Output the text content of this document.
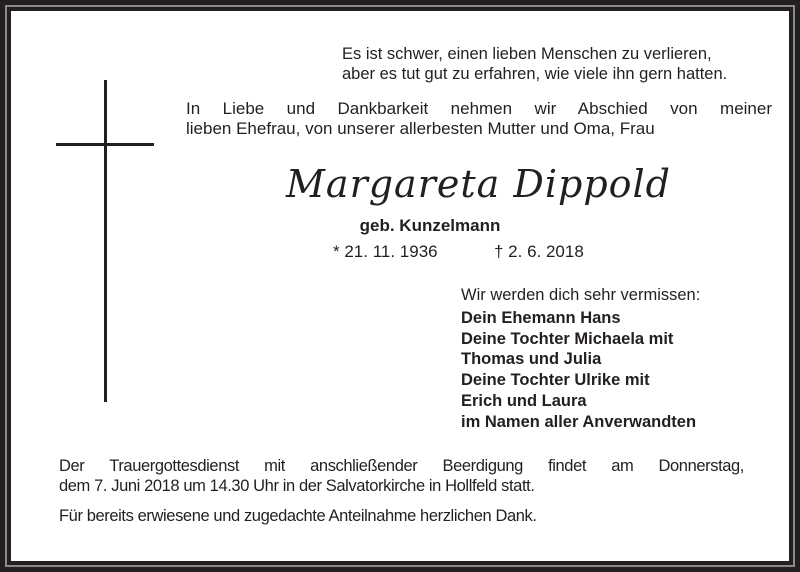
Es ist schwer, einen lieben Menschen zu verlieren,
aber es tut gut zu erfahren, wie viele ihn gern hatten.

In Liebe und Dankbarkeit nehmen wir Abschied von meiner
lieben Ehefrau, von unserer allerbesten Mutter und Oma, Frau

Margareta Dippold
geb. Kunzelmann
* 21. 11. 1936	† 2. 6. 2018
Wir werden dich sehr vermissen:
Dein Ehemann Hans
Deine Tochter Michaela mit
Thomas und Julia
Deine Tochter Ulrike mit
Erich und Laura
im Namen aller Anverwandten

Der Trauergottesdienst mit anschließender Beerdigung findet am Donnerstag,
dem 7. Juni 2018 um 14.30 Uhr in der Salvatorkirche in Hollfeld statt.

Für bereits erwiesene und zugedachte Anteilnahme herzlichen Dank.
